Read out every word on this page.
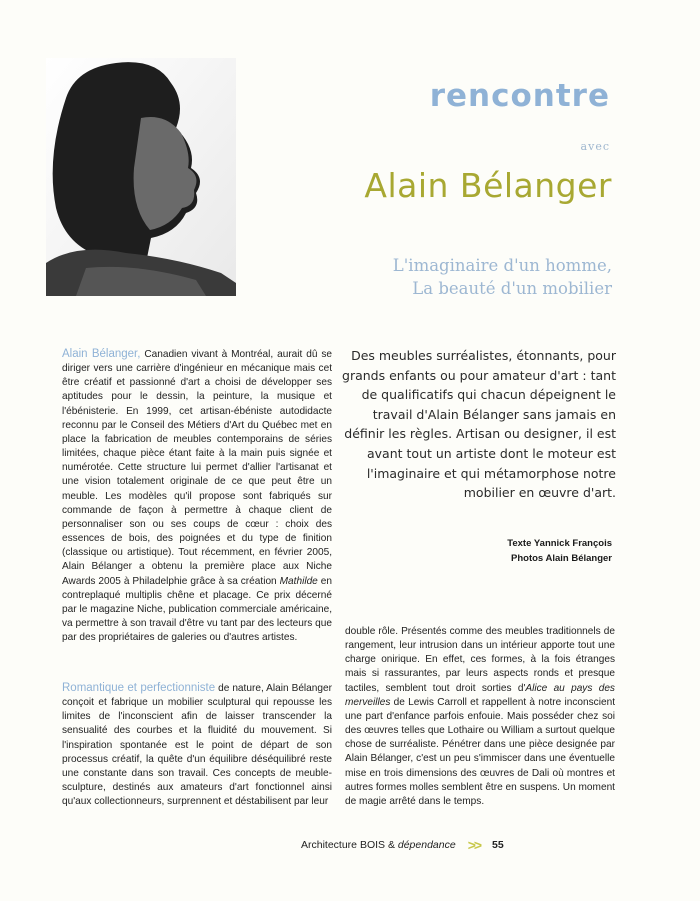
rencontre
avec
Alain Bélanger
L'imaginaire d'un homme,
La beauté d'un mobilier
Des meubles surréalistes, étonnants, pour grands enfants ou pour amateur d'art : tant de qualificatifs qui chacun dépeignent le travail d'Alain Bélanger sans jamais en définir les règles. Artisan ou designer, il est avant tout un artiste dont le moteur est l'imaginaire et qui métamorphose notre mobilier en œuvre d'art.
Texte Yannick François
Photos Alain Bélanger
Alain Bélanger, Canadien vivant à Montréal, aurait dû se diriger vers une carrière d'ingénieur en mécanique mais cet être créatif et passionné d'art a choisi de développer ses aptitudes pour le dessin, la peinture, la musique et l'ébénisterie. En 1999, cet artisan-ébéniste autodidacte reconnu par le Conseil des Métiers d'Art du Québec met en place la fabrication de meubles contemporains de séries limitées, chaque pièce étant faite à la main puis signée et numérotée. Cette structure lui permet d'allier l'artisanat et une vision totalement originale de ce que peut être un meuble. Les modèles qu'il propose sont fabriqués sur commande de façon à permettre à chaque client de personnaliser son ou ses coups de cœur : choix des essences de bois, des poignées et du type de finition (classique ou artistique). Tout récemment, en février 2005, Alain Bélanger a obtenu la première place aux Niche Awards 2005 à Philadelphie grâce à sa création Mathilde en contreplaqué multiplis chêne et placage. Ce prix décerné par le magazine Niche, publication commerciale américaine, va permettre à son travail d'être vu tant par des lecteurs que par des propriétaires de galeries ou d'autres artistes.
Romantique et perfectionniste de nature, Alain Bélanger conçoit et fabrique un mobilier sculptural qui repousse les limites de l'inconscient afin de laisser transcender la sensualité des courbes et la fluidité du mouvement. Si l'inspiration spontanée est le point de départ de son processus créatif, la quête d'un équilibre déséquilibré reste une constante dans son travail. Ces concepts de meuble-sculpture, destinés aux amateurs d'art fonctionnel ainsi qu'aux collectionneurs, surprennent et déstabilisent par leur
double rôle. Présentés comme des meubles traditionnels de rangement, leur intrusion dans un intérieur apporte tout une charge onirique. En effet, ces formes, à la fois étranges mais si rassurantes, par leurs aspects ronds et presque tactiles, semblent tout droit sorties d'Alice au pays des merveilles de Lewis Carroll et rappellent à notre inconscient une part d'enfance parfois enfouie. Mais posséder chez soi des œuvres telles que Lothaire ou William a surtout quelque chose de surréaliste. Pénétrer dans une pièce designée par Alain Bélanger, c'est un peu s'immiscer dans une éventuelle mise en trois dimensions des œuvres de Dali où montres et autres formes molles semblent être en suspens. Un moment de magie arrêté dans le temps.
Architecture BOIS & dépendance >> 55
